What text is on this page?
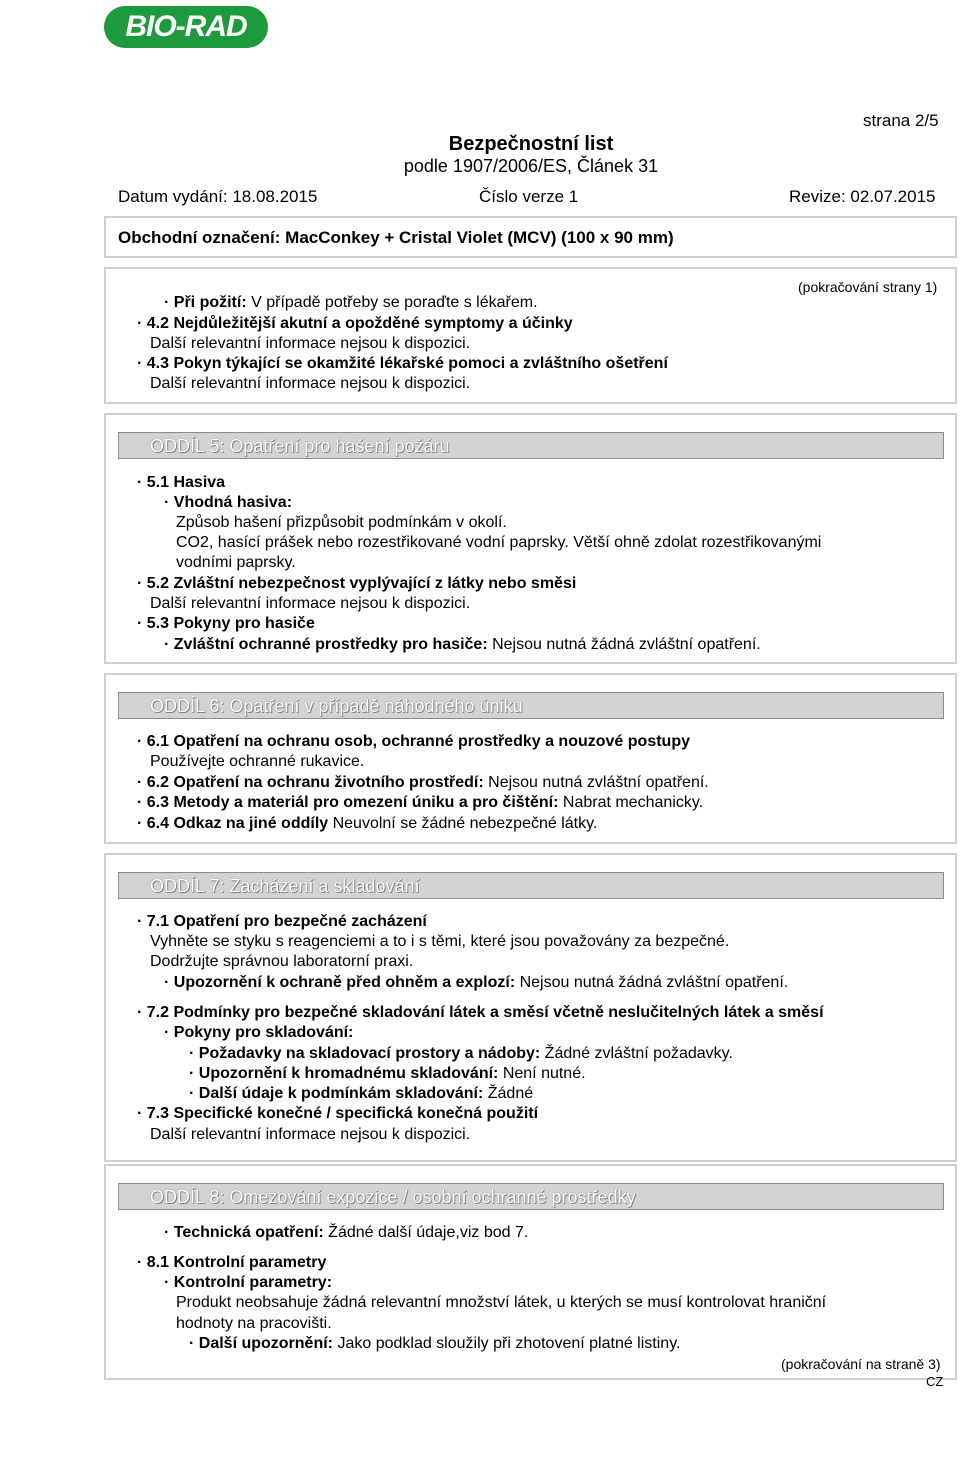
BIO-RAD
strana 2/5
Bezpečnostní list
podle 1907/2006/ES, Článek 31
Datum vydání: 18.08.2015	Číslo verze 1	Revize: 02.07.2015
Obchodní označení: MacConkey + Cristal Violet (MCV) (100 x 90 mm)
(pokračování strany 1)
· Při požití: V případě potřeby se poraďte s lékařem.
· 4.2 Nejdůležitější akutní a opožděné symptomy a účinky
Další relevantní informace nejsou k dispozici.
· 4.3 Pokyn týkající se okamžité lékařské pomoci a zvláštního ošetření
Další relevantní informace nejsou k dispozici.
ODDÍL 5: Opatření pro hašení požáru
· 5.1 Hasiva
· Vhodná hasiva:
Způsob hašení přizpůsobit podmínkám v okolí.
CO2, hasící prášek nebo rozestřikované vodní paprsky. Větší ohně zdolat rozestřikovanými
vodními paprsky.
· 5.2 Zvláštní nebezpečnost vyplývající z látky nebo směsi
Další relevantní informace nejsou k dispozici.
· 5.3 Pokyny pro hasiče
· Zvláštní ochranné prostředky pro hasiče: Nejsou nutná žádná zvláštní opatření.
ODDÍL 6: Opatření v případě náhodného úniku
· 6.1 Opatření na ochranu osob, ochranné prostředky a nouzové postupy
Používejte ochranné rukavice.
· 6.2 Opatření na ochranu životního prostředí: Nejsou nutná zvláštní opatření.
· 6.3 Metody a materiál pro omezení úniku a pro čištění: Nabrat mechanicky.
· 6.4 Odkaz na jiné oddíly Neuvolní se žádné nebezpečné látky.
ODDÍL 7: Zacházení a skladování
· 7.1 Opatření pro bezpečné zacházení
Vyhněte se styku s reagenciemi a to i s těmi, které jsou považovány za bezpečné.
Dodržujte správnou laboratorní praxi.
· Upozornění k ochraně před ohněm a explozí: Nejsou nutná žádná zvláštní opatření.
· 7.2 Podmínky pro bezpečné skladování látek a směsí včetně neslučitelných látek a směsí
· Pokyny pro skladování:
· Požadavky na skladovací prostory a nádoby: Žádné zvláštní požadavky.
· Upozornění k hromadnému skladování: Není nutné.
· Další údaje k podmínkám skladování: Žádné
· 7.3 Specifické konečné / specifická konečná použití
Další relevantní informace nejsou k dispozici.
ODDÍL 8: Omezování expozice / osobní ochranné prostředky
· Technická opatření: Žádné další údaje,viz bod 7.
· 8.1 Kontrolní parametry
· Kontrolní parametry:
Produkt neobsahuje žádná relevantní množství látek, u kterých se musí kontrolovat hraniční
hodnoty na pracovišti.
· Další upozornění: Jako podklad sloužily při zhotovení platné listiny.
(pokračování na straně 3)
CZ
